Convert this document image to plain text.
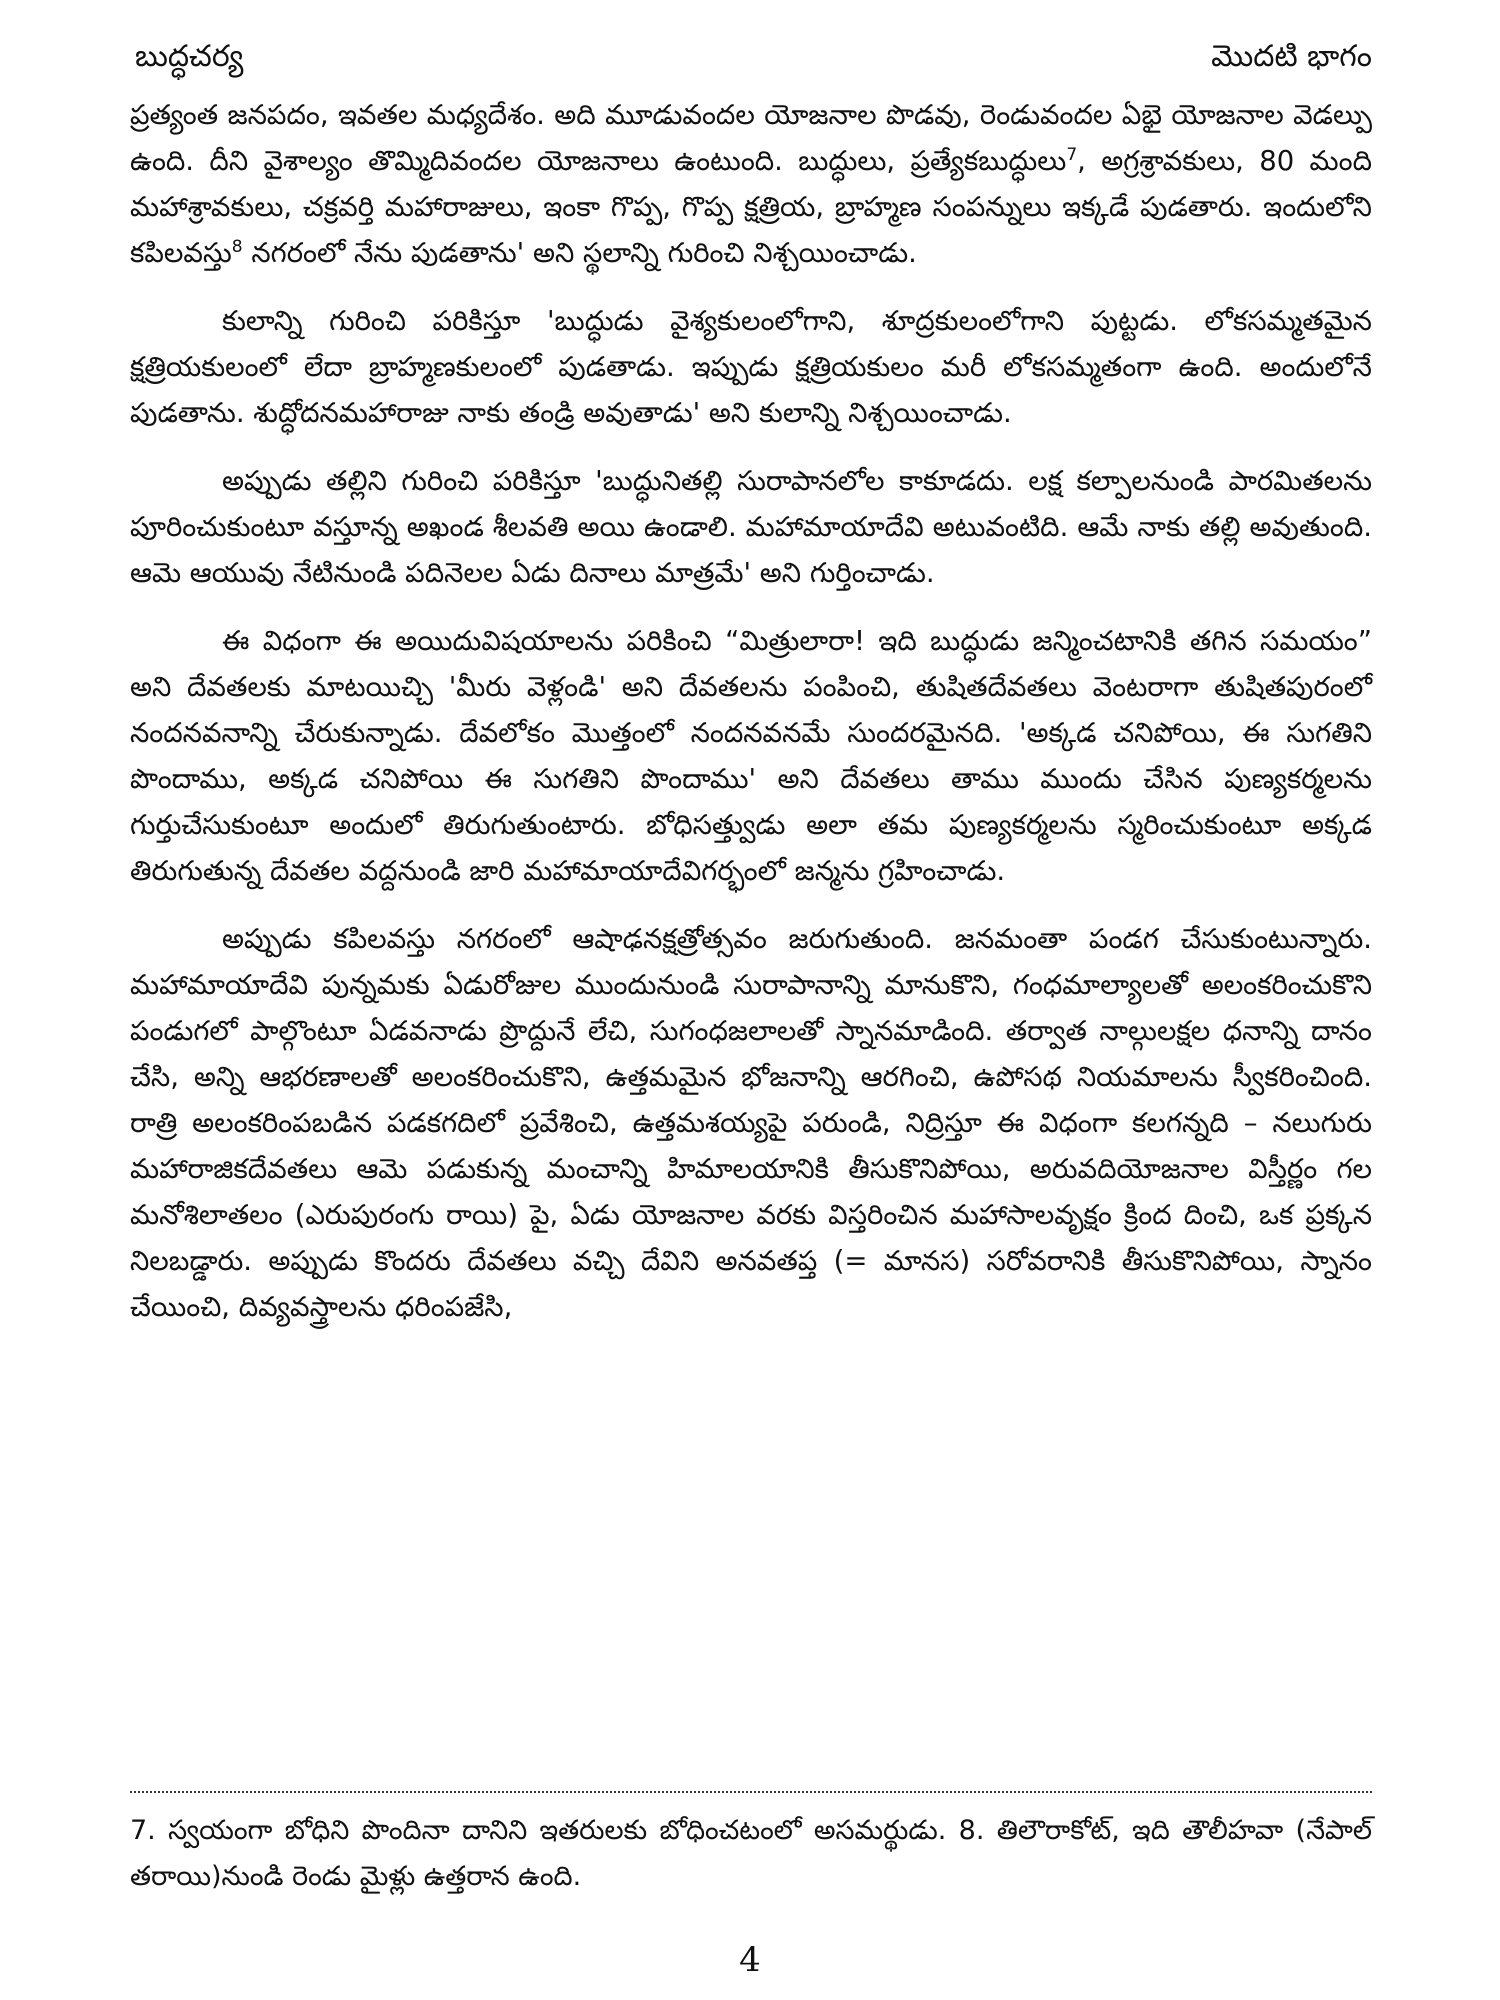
బుద్ధచర్య	మొదటి భాగం

ప్రత్యంత జనపదం, ఇవతల మధ్యదేశం. అది మూడువందల యోజనాల పొడవు, రెండువందల ఏభై యోజనాల వెడల్పు ఉంది. దీని వైశాల్యం తొమ్మిదివందల యోజనాలు ఉంటుంది. బుద్ధులు, ప్రత్యేకబుద్ధులు$^7$, అగ్రశ్రావకులు, 80 మంది మహాశ్రావకులు, చక్రవర్తి మహారాజులు, ఇంకా గొప్ప, గొప్ప క్షత్రియ, బ్రాహ్మణ సంపన్నులు ఇక్కడే పుడతారు. ఇందులోని కపిలవస్తు$^8$ నగరంలో నేను పుడతాను' అని స్థలాన్ని గురించి నిశ్చయించాడు.

కులాన్ని గురించి పరికిస్తూ 'బుద్ధుడు వైశ్యకులంలోగాని, శూద్రకులంలోగాని పుట్టడు. లోకసమ్మతమైన క్షత్రియకులంలో లేదా బ్రాహ్మణకులంలో పుడతాడు. ఇప్పుడు క్షత్రియకులం మరీ లోకసమ్మతంగా ఉంది. అందులోనే పుడతాను. శుద్ధోదనమహారాజు నాకు తండ్రి అవుతాడు' అని కులాన్ని నిశ్చయించాడు.

అప్పుడు తల్లిని గురించి పరికిస్తూ 'బుద్ధునితల్లి సురాపానలోల కాకూడదు. లక్ష కల్పాలనుండి పారమితలను పూరించుకుంటూ వస్తూన్న అఖండ శీలవతి అయి ఉండాలి. మహామాయాదేవి అటువంటిది. ఆమే నాకు తల్లి అవుతుంది. ఆమె ఆయువు నేటినుండి పదినెలల ఏడు దినాలు మాత్రమే' అని గుర్తించాడు.

ఈ విధంగా ఈ అయిదువిషయాలను పరికించి “మిత్రులారా! ఇది బుద్ధుడు జన్మించటానికి తగిన సమయం” అని దేవతలకు మాటయిచ్చి 'మీరు వెళ్లండి' అని దేవతలను పంపించి, తుషితదేవతలు వెంటరాగా తుషితపురంలో నందనవనాన్ని చేరుకున్నాడు. దేవలోకం మొత్తంలో నందనవనమే సుందరమైనది. 'అక్కడ చనిపోయి, ఈ సుగతిని పొందాము, అక్కడ చనిపోయి ఈ సుగతిని పొందాము' అని దేవతలు తాము ముందు చేసిన పుణ్యకర్మలను గుర్తుచేసుకుంటూ అందులో తిరుగుతుంటారు. బోధిసత్త్వుడు అలా తమ పుణ్యకర్మలను స్మరించుకుంటూ అక్కడ తిరుగుతున్న దేవతల వద్దనుండి జారి మహామాయాదేవిగర్భంలో జన్మను గ్రహించాడు.

అప్పుడు కపిలవస్తు నగరంలో ఆషాఢనక్షత్రోత్సవం జరుగుతుంది. జనమంతా పండగ చేసుకుంటున్నారు. మహామాయాదేవి పున్నమకు ఏడురోజుల ముందునుండి సురాపానాన్ని మానుకొని, గంధమాల్యాలతో అలంకరించుకొని పండుగలో పాల్గొంటూ ఏడవనాడు ప్రొద్దునే లేచి, సుగంధజలాలతో స్నానమాడింది. తర్వాత నాల్గులక్షల ధనాన్ని దానం చేసి, అన్ని ఆభరణాలతో అలంకరించుకొని, ఉత్తమమైన భోజనాన్ని ఆరగించి, ఉపోసథ నియమాలను స్వీకరించింది. రాత్రి అలంకరింపబడిన పడకగదిలో ప్రవేశించి, ఉత్తమశయ్యపై పరుండి, నిద్రిస్తూ ఈ విధంగా కలగన్నది – నలుగురు మహారాజికదేవతలు ఆమె పడుకున్న మంచాన్ని హిమాలయానికి తీసుకొనిపోయి, అరువదియోజనాల విస్తీర్ణం గల మనోశిలాతలం (ఎరుపురంగు రాయి) పై, ఏడు యోజనాల వరకు విస్తరించిన మహాసాలవృక్షం క్రింద దించి, ఒక ప్రక్కన నిలబడ్డారు. అప్పుడు కొందరు దేవతలు వచ్చి దేవిని అనవతప్త (= మానస) సరోవరానికి తీసుకొనిపోయి, స్నానం చేయించి, దివ్యవస్త్రాలను ధరింపజేసి,

7. స్వయంగా బోధిని పొందినా దానిని ఇతరులకు బోధించటంలో అసమర్థుడు. 8. తిలౌరాకోట్, ఇది తౌలీహవా (నేపాల్ తరాయి)నుండి రెండు మైళ్లు ఉత్తరాన ఉంది.

4
